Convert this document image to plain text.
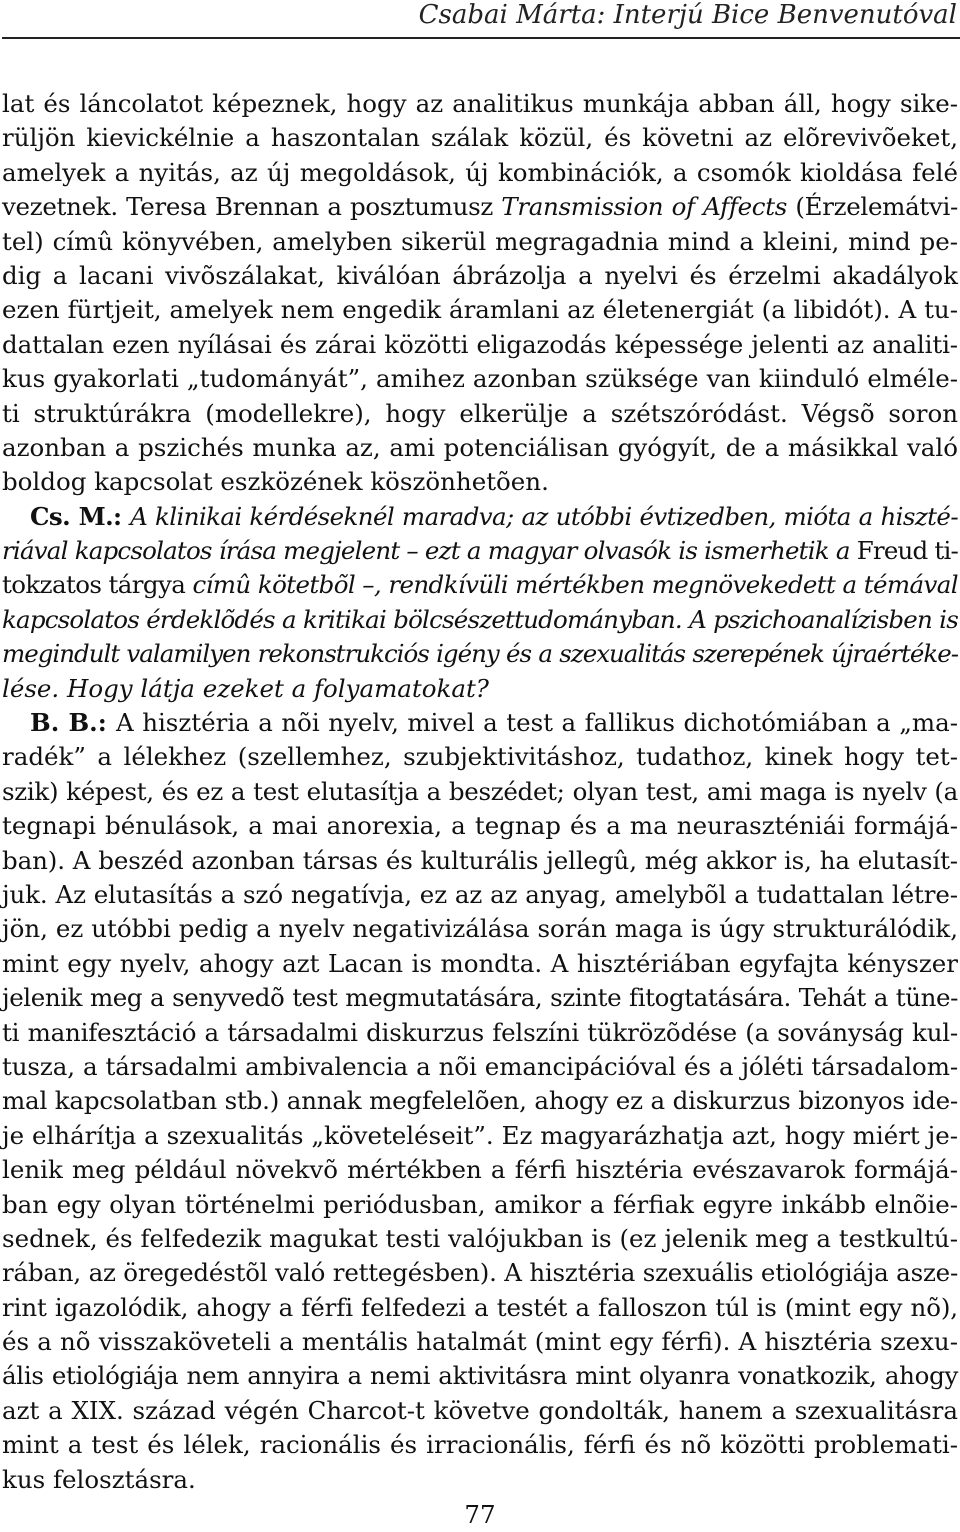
Csabai Márta: Interjú Bice Benvenutóval

lat és láncolatot képeznek, hogy az analitikus munkája abban áll, hogy sike-
rüljön kievickélnie a haszontalan szálak közül, és követni az elõrevivõeket,
amelyek a nyitás, az új megoldások, új kombinációk, a csomók kioldása felé
vezetnek. Teresa Brennan a posztumusz Transmission of Affects (Érzelemátvi-
tel) címû könyvében, amelyben sikerül megragadnia mind a kleini, mind pe-
dig a lacani vivõszálakat, kiválóan ábrázolja a nyelvi és érzelmi akadályok
ezen fürtjeit, amelyek nem engedik áramlani az életenergiát (a libidót). A tu-
dattalan ezen nyílásai és zárai közötti eligazodás képessége jelenti az analiti-
kus gyakorlati „tudományát”, amihez azonban szüksége van kiinduló elméle-
ti struktúrákra (modellekre), hogy elkerülje a szétszóródást. Végsõ soron
azonban a pszichés munka az, ami potenciálisan gyógyít, de a másikkal való
boldog kapcsolat eszközének köszönhetõen.
Cs. M.: A klinikai kérdéseknél maradva; az utóbbi évtizedben, mióta a hiszté-
riával kapcsolatos írása megjelent – ezt a magyar olvasók is ismerhetik a Freud ti-
tokzatos tárgya címû kötetbõl –, rendkívüli mértékben megnövekedett a témával
kapcsolatos érdeklõdés a kritikai bölcsészettudományban. A pszichoanalízisben is
megindult valamilyen rekonstrukciós igény és a szexualitás szerepének újraértéke-
lése. Hogy látja ezeket a folyamatokat?
B. B.: A hisztéria a nõi nyelv, mivel a test a fallikus dichotómiában a „ma-
radék” a lélekhez (szellemhez, szubjektivitáshoz, tudathoz, kinek hogy tet-
szik) képest, és ez a test elutasítja a beszédet; olyan test, ami maga is nyelv (a
tegnapi bénulások, a mai anorexia, a tegnap és a ma neuraszténiái formájá-
ban). A beszéd azonban társas és kulturális jellegû, még akkor is, ha elutasít-
juk. Az elutasítás a szó negatívja, ez az az anyag, amelybõl a tudattalan létre-
jön, ez utóbbi pedig a nyelv negativizálása során maga is úgy strukturálódik,
mint egy nyelv, ahogy azt Lacan is mondta. A hisztériában egyfajta kényszer
jelenik meg a senyvedõ test megmutatására, szinte fitogtatására. Tehát a tüne-
ti manifesztáció a társadalmi diskurzus felszíni tükrözõdése (a soványság kul-
tusza, a társadalmi ambivalencia a nõi emancipációval és a jóléti társadalom-
mal kapcsolatban stb.) annak megfelelõen, ahogy ez a diskurzus bizonyos ide-
je elhárítja a szexualitás „követeléseit”. Ez magyarázhatja azt, hogy miért je-
lenik meg például növekvõ mértékben a férfi hisztéria evészavarok formájá-
ban egy olyan történelmi periódusban, amikor a férfiak egyre inkább elnõie-
sednek, és felfedezik magukat testi valójukban is (ez jelenik meg a testkultú-
rában, az öregedéstõl való rettegésben). A hisztéria szexuális etiológiája asze-
rint igazolódik, ahogy a férfi felfedezi a testét a falloszon túl is (mint egy nõ),
és a nõ visszaköveteli a mentális hatalmát (mint egy férfi). A hisztéria szexu-
ális etiológiája nem annyira a nemi aktivitásra mint olyanra vonatkozik, ahogy
azt a XIX. század végén Charcot-t követve gondolták, hanem a szexualitásra
mint a test és lélek, racionális és irracionális, férfi és nõ közötti problemati-
kus felosztásra.

77
